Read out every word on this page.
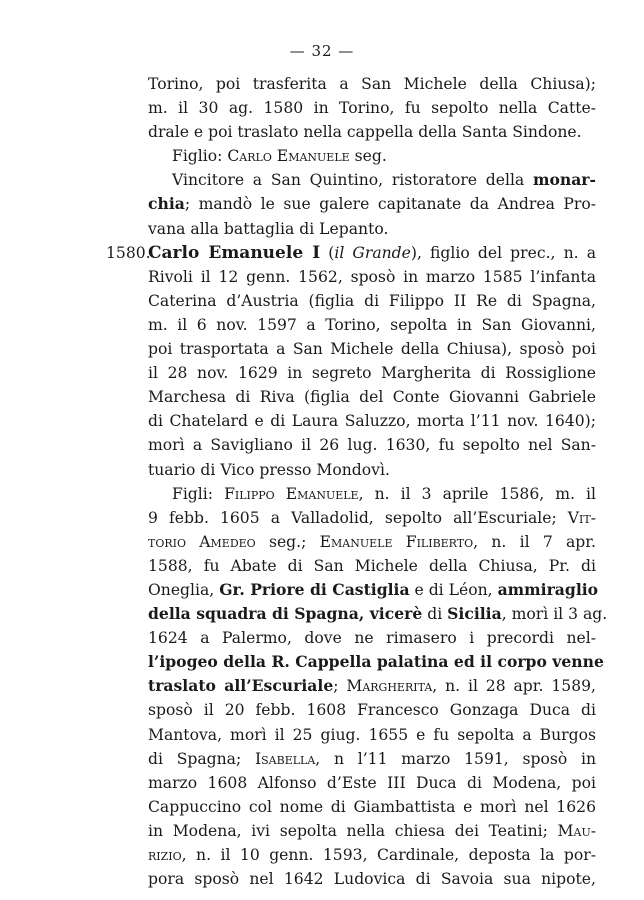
— 32 —
Torino, poi trasferita a San Michele della Chiusa);
m. il 30 ag. 1580 in Torino, fu sepolto nella Catte-
drale e poi traslato nella cappella della Santa Sindone.
Figlio: Carlo Emanuele seg.
Vincitore a San Quintino, ristoratore della monar-
chia; mandò le sue galere capitanate da Andrea Pro-
vana alla battaglia di Lepanto.
Carlo Emanuele I (il Grande), figlio del prec., n. a
Rivoli il 12 genn. 1562, sposò in marzo 1585 l’infanta
Caterina d’Austria (figlia di Filippo II Re di Spagna,
m. il 6 nov. 1597 a Torino, sepolta in San Giovanni,
poi trasportata a San Michele della Chiusa), sposò poi
il 28 nov. 1629 in segreto Margherita di Rossiglione
Marchesa di Riva (figlia del Conte Giovanni Gabriele
di Chatelard e di Laura Saluzzo, morta l’11 nov. 1640);
morì a Savigliano il 26 lug. 1630, fu sepolto nel San-
tuario di Vico presso Mondovì.
Figli: Filippo Emanuele, n. il 3 aprile 1586, m. il
9 febb. 1605 a Valladolid, sepolto all’Escuriale; Vit-
torio Amedeo seg.; Emanuele Filiberto, n. il 7 apr.
1588, fu Abate di San Michele della Chiusa, Pr. di
Oneglia, Gr. Priore di Castiglia e di Léon, ammiraglio
della squadra di Spagna, vicerè di Sicilia, morì il 3 ag.
1624 a Palermo, dove ne rimasero i precordi nel-
l’ipogeo della R. Cappella palatina ed il corpo venne
traslato all’Escuriale; Margherita, n. il 28 apr. 1589,
sposò il 20 febb. 1608 Francesco Gonzaga Duca di
Mantova, morì il 25 giug. 1655 e fu sepolta a Burgos
di Spagna; Isabella, n l’11 marzo 1591, sposò in
marzo 1608 Alfonso d’Este III Duca di Modena, poi
Cappuccino col nome di Giambattista e morì nel 1626
in Modena, ivi sepolta nella chiesa dei Teatini; Mau-
rizio, n. il 10 genn. 1593, Cardinale, deposta la por-
pora sposò nel 1642 Ludovica di Savoia sua nipote,
1580.
